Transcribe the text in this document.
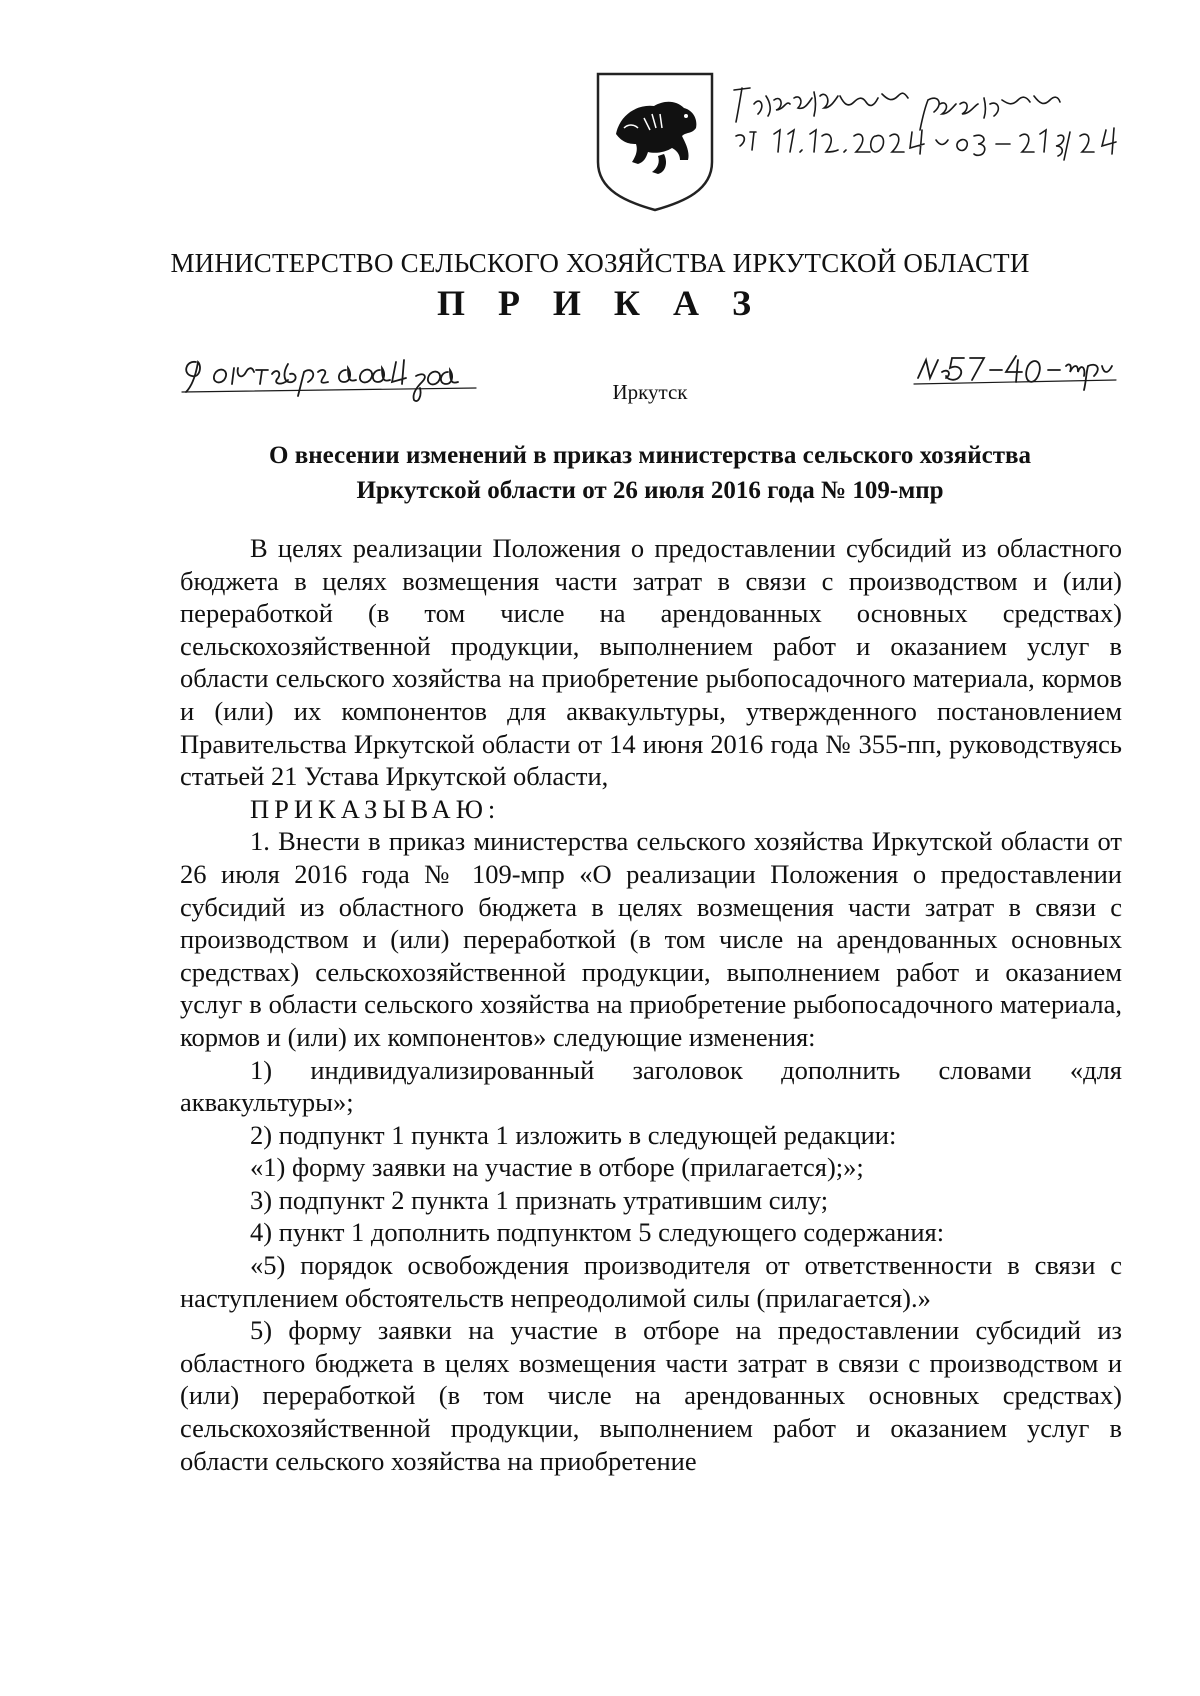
МИНИСТЕРСТВО СЕЛЬСКОГО ХОЗЯЙСТВА ИРКУТСКОЙ ОБЛАСТИ
П Р И К А З
Иркутск
О внесении изменений в приказ министерства сельского хозяйства
Иркутской области от 26 июля 2016 года № 109-мпр

В целях реализации Положения о предоставлении субсидий из областного бюджета в целях возмещения части затрат в связи с производством и (или) переработкой (в том числе на арендованных основных средствах) сельскохозяйственной продукции, выполнением работ и оказанием услуг в области сельского хозяйства на приобретение рыбопосадочного материала, кормов и (или) их компонентов для аквакультуры, утвержденного постановлением Правительства Иркутской области от 14 июня 2016 года № 355-пп, руководствуясь статьей 21 Устава Иркутской области,

ПРИКАЗЫВАЮ:

1. Внести в приказ министерства сельского хозяйства Иркутской области от 26 июля 2016 года № 109-мпр «О реализации Положения о предоставлении субсидий из областного бюджета в целях возмещения части затрат в связи с производством и (или) переработкой (в том числе на арендованных основных средствах) сельскохозяйственной продукции, выполнением работ и оказанием услуг в области сельского хозяйства на приобретение рыбопосадочного материала, кормов и (или) их компонентов» следующие изменения:

1) индивидуализированный заголовок дополнить словами «для аквакультуры»;

2) подпункт 1 пункта 1 изложить в следующей редакции:

«1) форму заявки на участие в отборе (прилагается);»;

3) подпункт 2 пункта 1 признать утратившим силу;

4) пункт 1 дополнить подпунктом 5 следующего содержания:

«5) порядок освобождения производителя от ответственности в связи с наступлением обстоятельств непреодолимой силы (прилагается).»

5) форму заявки на участие в отборе на предоставлении субсидий из областного бюджета в целях возмещения части затрат в связи с производством и (или) переработкой (в том числе на арендованных основных средствах) сельскохозяйственной продукции, выполнением работ и оказанием услуг в области сельского хозяйства на приобретение
